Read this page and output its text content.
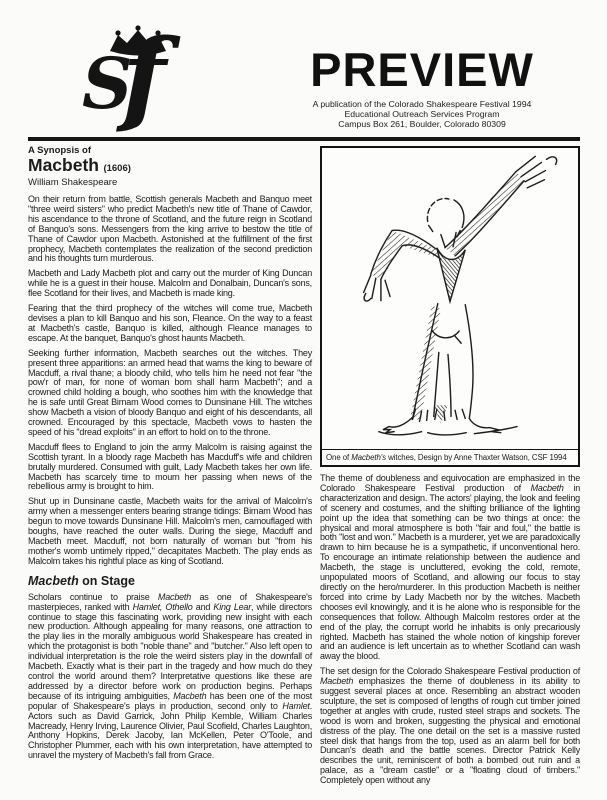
S
f	PREVIEW
A publication of the Colorado Shakespeare Festival 1994
Educational Outreach Services Program
Campus Box 261, Boulder, Colorado 80309
A Synopsis of
Macbeth (1606)
William Shakespeare

On their return from battle, Scottish generals Macbeth and Banquo meet "three weird sisters" who predict Macbeth's new title of Thane of Cawdor, his ascendance to the throne of Scotland, and the future reign in Scotland of Banquo's sons. Messengers from the king arrive to bestow the title of Thane of Cawdor upon Macbeth. Astonished at the fulfillment of the first prophecy, Macbeth contemplates the realization of the second prediction and his thoughts turn murderous.

Macbeth and Lady Macbeth plot and carry out the murder of King Duncan while he is a guest in their house. Malcolm and Donalbain, Duncan's sons, flee Scotland for their lives, and Macbeth is made king.

Fearing that the third prophecy of the witches will come true, Macbeth devises a plan to kill Banquo and his son, Fleance. On the way to a feast at Macbeth's castle, Banquo is killed, although Fleance manages to escape. At the banquet, Banquo's ghost haunts Macbeth.

Seeking further information, Macbeth searches out the witches. They present three apparitions: an armed head that warns the king to beware of Macduff, a rival thane; a bloody child, who tells him he need not fear "the pow'r of man, for none of woman born shall harm Macbeth"; and a crowned child holding a bough, who soothes him with the knowledge that he is safe until Great Birnam Wood comes to Dunsinane Hill. The witches show Macbeth a vision of bloody Banquo and eight of his descendants, all crowned. Encouraged by this spectacle, Macbeth vows to hasten the speed of his "dread exploits" in an effort to hold on to the throne.

Macduff flees to England to join the army Malcolm is raising against the Scottish tyrant. In a bloody rage Macbeth has Macduff's wife and children brutally murdered. Consumed with guilt, Lady Macbeth takes her own life. Macbeth has scarcely time to mourn her passing when news of the rebellious army is brought to him.

Shut up in Dunsinane castle, Macbeth waits for the arrival of Malcolm's army when a messenger enters bearing strange tidings: Birnam Wood has begun to move towards Dunsinane Hill. Malcolm's men, camouflaged with boughs, have reached the outer walls. During the siege, Macduff and Macbeth meet. Macduff, not born naturally of woman but "from his mother's womb untimely ripped," decapitates Macbeth. The play ends as Malcolm takes his rightful place as king of Scotland.

Macbeth on Stage

Scholars continue to praise Macbeth as one of Shakespeare's masterpieces, ranked with Hamlet, Othello and King Lear, while directors continue to stage this fascinating work, providing new insight with each new production. Although appealing for many reasons, one attraction to the play lies in the morally ambiguous world Shakespeare has created in which the protagonist is both "noble thane" and "butcher." Also left open to individual interpretation is the role the weird sisters play in the downfall of Macbeth. Exactly what is their part in the tragedy and how much do they control the world around them? Interpretative questions like these are addressed by a director before work on production begins. Perhaps because of its intriguing ambiguities, Macbeth has been one of the most popular of Shakespeare's plays in production, second only to Hamlet. Actors such as David Garrick, John Philip Kemble, William Charles Macready, Henry Irving, Laurence Olivier, Paul Scofield, Charles Laughton, Anthony Hopkins, Derek Jacoby, Ian McKellen, Peter O'Toole, and Christopher Plummer, each with his own interpretation, have attempted to unravel the mystery of Macbeth's fall from Grace.

One of Macbeth's witches, Design by Anne Thaxter Watson, CSF 1994

The theme of doubleness and equivocation are emphasized in the Colorado Shakespeare Festival production of Macbeth in characterization and design. The actors' playing, the look and feeling of scenery and costumes, and the shifting brilliance of the lighting point up the idea that something can be two things at once: the physical and moral atmosphere is both "fair and foul," the battle is both "lost and won." Macbeth is a murderer, yet we are paradoxically drawn to him because he is a sympathetic, if unconventional hero. To encourage an intimate relationship between the audience and Macbeth, the stage is uncluttered, evoking the cold, remote, unpopulated moors of Scotland, and allowing our focus to stay directly on the hero/murderer. In this production Macbeth is neither forced into crime by Lady Macbeth nor by the witches. Macbeth chooses evil knowingly, and it is he alone who is responsible for the consequences that follow. Although Malcolm restores order at the end of the play, the corrupt world he inhabits is only precariously righted. Macbeth has stained the whole notion of kingship forever and an audience is left uncertain as to whether Scotland can wash away the blood.

The set design for the Colorado Shakespeare Festival production of Macbeth emphasizes the theme of doubleness in its ability to suggest several places at once. Resembling an abstract wooden sculpture, the set is composed of lengths of rough cut timber joined together at angles with crude, rusted steel straps and sockets. The wood is worn and broken, suggesting the physical and emotional distress of the play. The one detail on the set is a massive rusted steel disk that hangs from the top, used as an alarm bell for both Duncan's death and the battle scenes. Director Patrick Kelly describes the unit, reminiscent of both a bombed out ruin and a palace, as a "dream castle" or a "floating cloud of timbers." Completely open without any
